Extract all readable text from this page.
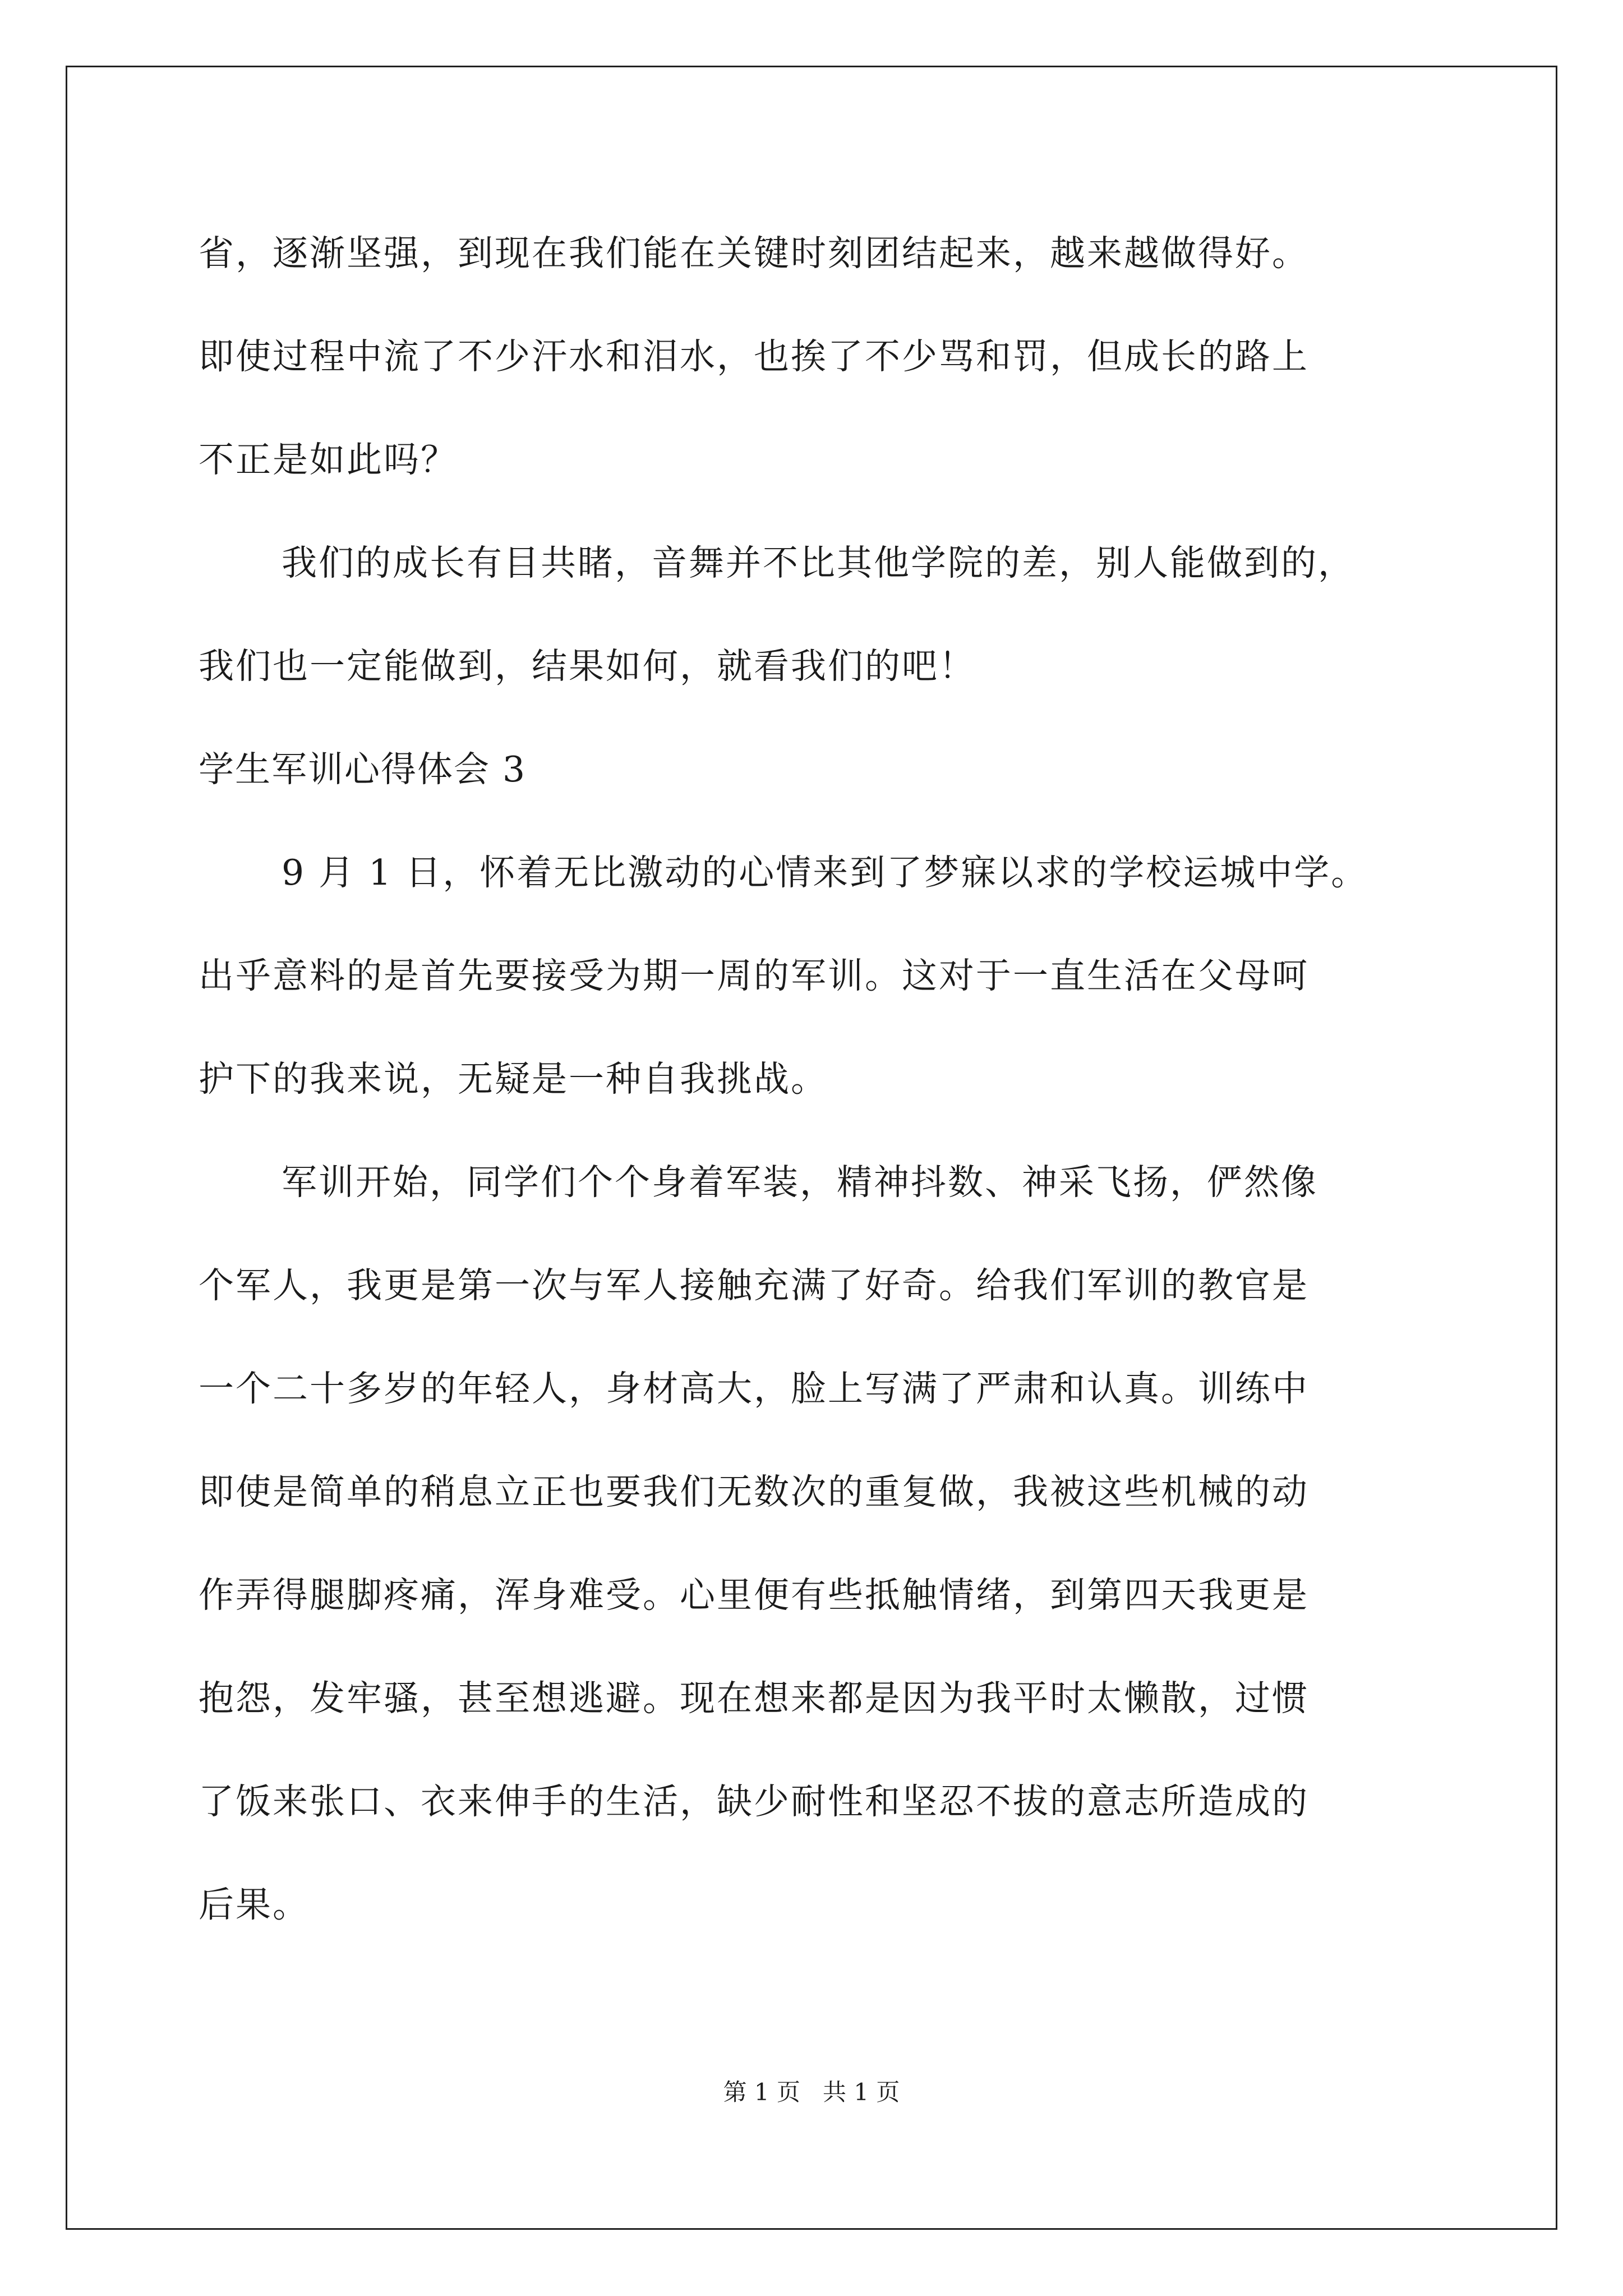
省，逐渐坚强，到现在我们能在关键时刻团结起来，越来越做得好。
即使过程中流了不少汗水和泪水，也挨了不少骂和罚，但成长的路上
不正是如此吗？
我们的成长有目共睹，音舞并不比其他学院的差，别人能做到的，
我们也一定能做到，结果如何，就看我们的吧！
学生军训心得体会 3
9 月 1 日，怀着无比激动的心情来到了梦寐以求的学校运城中学。
出乎意料的是首先要接受为期一周的军训。这对于一直生活在父母呵
护下的我来说，无疑是一种自我挑战。
军训开始，同学们个个身着军装，精神抖数、神采飞扬，俨然像
个军人，我更是第一次与军人接触充满了好奇。给我们军训的教官是
一个二十多岁的年轻人，身材高大，脸上写满了严肃和认真。训练中
即使是简单的稍息立正也要我们无数次的重复做，我被这些机械的动
作弄得腿脚疼痛，浑身难受。心里便有些抵触情绪，到第四天我更是
抱怨，发牢骚，甚至想逃避。现在想来都是因为我平时太懒散，过惯
了饭来张口、衣来伸手的生活，缺少耐性和坚忍不拔的意志所造成的
后果。
第 1 页 共 1 页
